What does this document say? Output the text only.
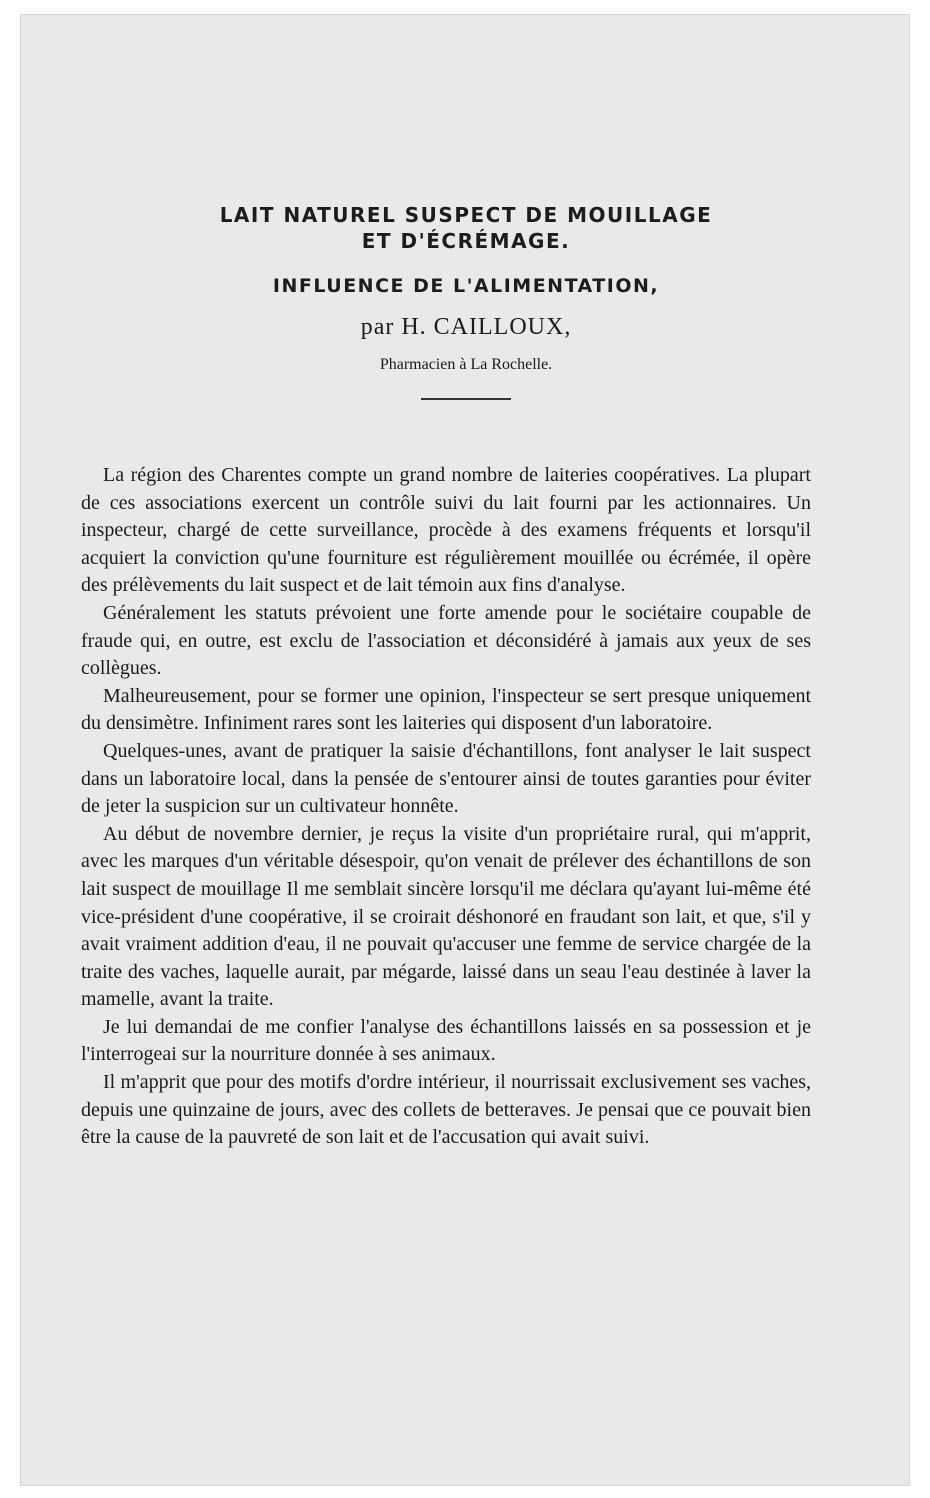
LAIT NATUREL SUSPECT DE MOUILLAGE

ET D'ÉCRÉMAGE.

INFLUENCE DE L'ALIMENTATION,

par H. CAILLOUX,

Pharmacien à La Rochelle.

La région des Charentes compte un grand nombre de laiteries coopératives. La plupart de ces associations exercent un contrôle suivi du lait fourni par les actionnaires. Un inspecteur, chargé de cette surveillance, procède à des examens fréquents et lorsqu'il acquiert la conviction qu'une fourniture est régulièrement mouillée ou écrémée, il opère des prélèvements du lait suspect et de lait témoin aux fins d'analyse.

Généralement les statuts prévoient une forte amende pour le sociétaire coupable de fraude qui, en outre, est exclu de l'association et déconsidéré à jamais aux yeux de ses collègues.

Malheureusement, pour se former une opinion, l'inspecteur se sert presque uniquement du densimètre. Infiniment rares sont les laiteries qui disposent d'un laboratoire.

Quelques-unes, avant de pratiquer la saisie d'échantillons, font analyser le lait suspect dans un laboratoire local, dans la pensée de s'entourer ainsi de toutes garanties pour éviter de jeter la suspicion sur un cultivateur honnête.

Au début de novembre dernier, je reçus la visite d'un propriétaire rural, qui m'apprit, avec les marques d'un véritable désespoir, qu'on venait de prélever des échantillons de son lait suspect de mouillage Il me semblait sincère lorsqu'il me déclara qu'ayant lui-même été vice-président d'une coopérative, il se croirait déshonoré en fraudant son lait, et que, s'il y avait vraiment addition d'eau, il ne pouvait qu'accuser une femme de service chargée de la traite des vaches, laquelle aurait, par mégarde, laissé dans un seau l'eau destinée à laver la mamelle, avant la traite.

Je lui demandai de me confier l'analyse des échantillons laissés en sa possession et je l'interrogeai sur la nourriture donnée à ses animaux.

Il m'apprit que pour des motifs d'ordre intérieur, il nourrissait exclusivement ses vaches, depuis une quinzaine de jours, avec des collets de betteraves. Je pensai que ce pouvait bien être la cause de la pauvreté de son lait et de l'accusation qui avait suivi.
